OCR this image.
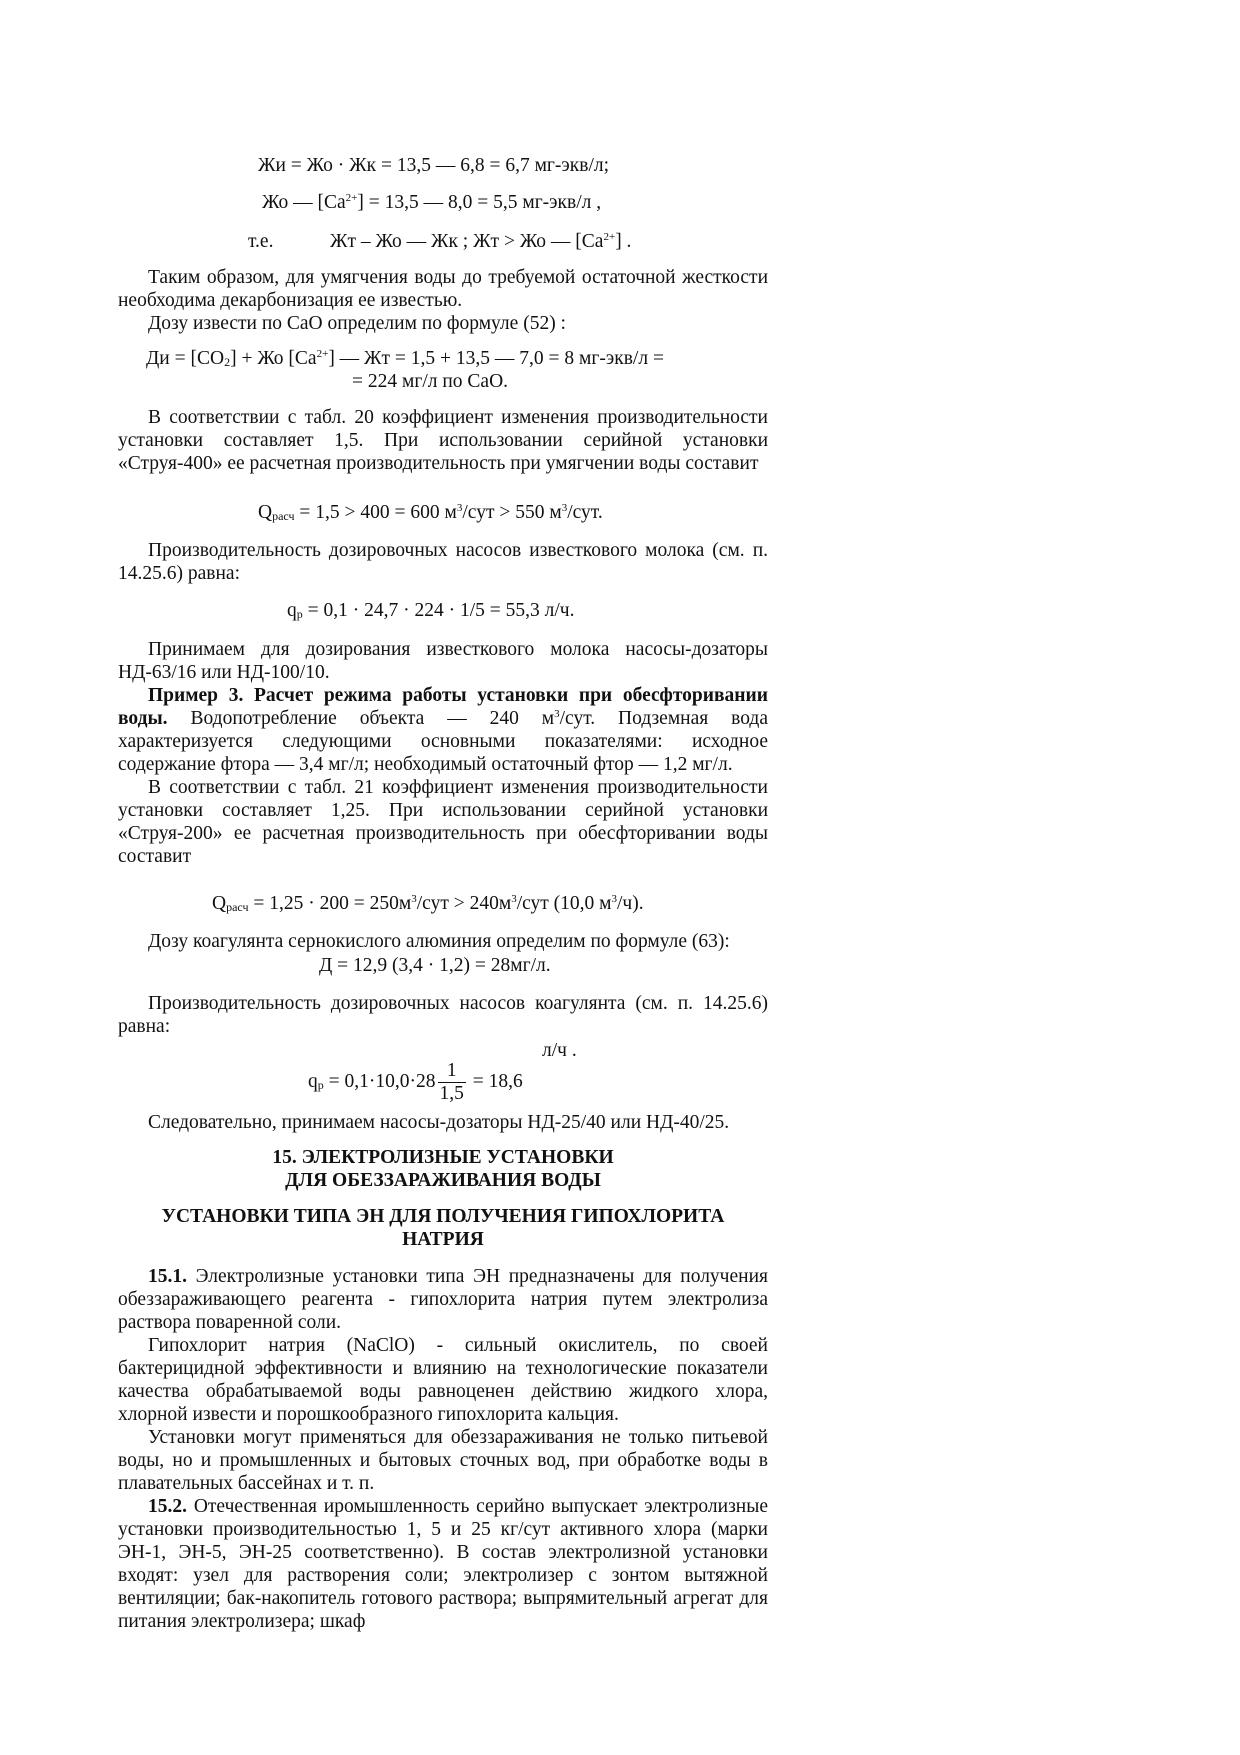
Жи = Жо · Жк = 13,5 — 6,8 = 6,7 мг-экв/л;
Жо — $[Са^{2+}] = 13,5$ — 8,0 = 5,5 мг-экв/л ,
т.е.	Жт – Жо — Жк ; Жт > Жо — $[Са^{2+}]$ .

Таким образом, для умягчения воды до требуемой остаточной жесткости необходима декарбонизация ее известью.

Дозу извести по СаО определим по формуле (52) :

Ди = $[СО_2]$ + Жо $[Са^{2+}]$ — Жт = 1,5 + 13,5 — 7,0 = 8 мг-экв/л =
= 224 мг/л по СаО.

В соответствии с табл. 20 коэффициент изменения производительности установки составляет 1,5. При использовании серийной установки «Струя-400» ее расчетная производительность при умягчении воды составит

$Q_{расч} = 1,5 > 400 = 600$ $м^3$/сут > 550 $м^3$/сут.

Производительность дозировочных насосов известкового молока (см. п. 14.25.6) равна:

$q_р = 0,1 \cdot 24,7 \cdot 224 \cdot 1/5 = 55,3$ л/ч.

Принимаем для дозирования известкового молока насосы-дозаторы НД-63/16 или НД-100/10.

Пример 3. Расчет режима работы установки при обесфторивании воды. Водопотребление объекта — 240 $м^3$/сут. Подземная вода характеризуется следующими основными показателями: исходное содержание фтора — 3,4 мг/л; необходимый остаточный фтор — 1,2 мг/л.

В соответствии с табл. 21 коэффициент изменения производительности установки составляет 1,25. При использовании серийной установки «Струя-200» ее расчетная производительность при обесфторивании воды составит

$Q_{расч} = 1,25 \cdot 200 = 250м^3/сут > 240м^3/сут$ (10,0 $м^3/ч$).
Дозу коагулянта сернокислого алюминия определим по формуле (63):
Д = 12,9 (3,4 · 1,2) = 28мг/л.

Производительность дозировочных насосов коагулянта (см. п. 14.25.6) равна:

л/ч .
$q_р = 0,1\cdot 10,0\cdot 28 \frac{1}{1,5} = 18,6$

Следовательно, принимаем насосы-дозаторы НД-25/40 или НД-40/25.

15. ЭЛЕКТРОЛИЗНЫЕ УСТАНОВКИ
ДЛЯ ОБЕЗЗАРАЖИВАНИЯ ВОДЫ
УСТАНОВКИ ТИПА ЭН ДЛЯ ПОЛУЧЕНИЯ ГИПОХЛОРИТА
НАТРИЯ

15.1. Электролизные установки типа ЭН предназначены для получения обеззараживающего реагента - гипохлорита натрия путем электролиза раствора поваренной соли.

Гипохлорит натрия (NaClO) - сильный окислитель, по своей бактерицидной эффективности и влиянию на технологические показатели качества обрабатываемой воды равноценен действию жидкого хлора, хлорной извести и порошкообразного гипохлорита кальция.

Установки могут применяться для обеззараживания не только питьевой воды, но и промышленных и бытовых сточных вод, при обработке воды в плавательных бассейнах и т. п.

15.2. Отечественная иромышленность серийно выпускает электролизные установки производительностью 1, 5 и 25 кг/сут активного хлора (марки ЭН-1, ЭН-5, ЭН-25 соответственно). В состав электролизной установки входят: узел для растворения соли; электролизер с зонтом вытяжной вентиляции; бак-накопитель готового раствора; выпрямительный агрегат для питания электролизера; шкаф
